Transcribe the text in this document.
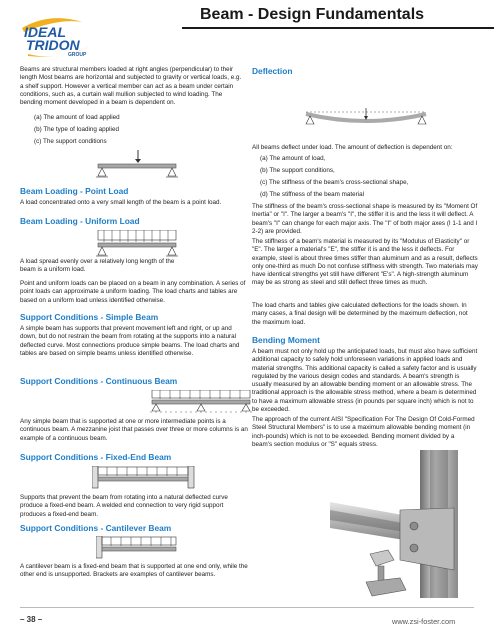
Beam - Design Fundamentals
IDEAL
TRIDON
GROUP
Beams are structural members loaded at right angles (perpendicular) to their length Most beams are horizontal and subjected to gravity or vertical loads, e.g. a shelf support. However a vertical member can act as a beam under certain conditions, such as, a curtain wall mullion subjected to wind loading. The bending moment developed in a beam is dependent on.
(a) The amount of load applied
(b) The type of loading applied
(c) The support conditions
Beam Loading - Point Load
A load concentrated onto a very small length of the beam is a point load.
Beam Loading - Uniform Load
A load spread evenly over a relatively long length of the beam is a uniform load.
Point and uniform loads can be placed on a beam in any combination. A series of point loads can approximate a uniform loading. The load charts and tables are based on a uniform load unless identified otherwise.
Support Conditions - Simple Beam
A simple beam has supports that prevent movement left and right, or up and down, but do not restrain the beam from rotating at the supports into a natural deflected curve. Most connections produce simple beams. The load charts and tables are based on simple beams unless identified otherwise.
Support Conditions - Continuous Beam
Any simple beam that is supported at one or more intermediate points is a continuous beam. A mezzanine joist that passes over three or more columns is an example of a continuous beam.
Support Conditions - Fixed-End Beam
Supports that prevent the beam from rotating into a natural deflected curve produce a fixed-end beam. A welded end connection to very rigid support produces a fixed-end beam.
Support Conditions - Cantilever Beam
A cantilever beam is a fixed-end beam that is supported at one end only, while the other end is unsupported. Brackets are examples of cantilever beams.
Deflection
All beams deflect under load. The amount of deflection is dependent on:
(a) The amount of load,
(b) The support conditions,
(c) The stiffness of the beam's cross-sectional shape,
(d) The stiffness of the beam material
The stiffness of the beam's cross-sectional shape is measured by its "Moment Of Inertia" or "I". The larger a beam's "I", the stiffer it is and the less it will deflect. A beam's "I" can change for each major axis. The "I" of both major axes (I 1-1 and I 2-2) are provided.
The stiffness of a beam's material is measured by its "Modulus of Elasticity" or "E". The larger a material's "E", the stiffer it is and the less it deflects. For example, steel is about three times stiffer than aluminum and as a result, deflects only one-third as much Do not confuse stiffness with strength. Two materials may have identical strengths yet still have different "E's". A high-strength aluminum may be as strong as steel and still deflect three times as much.
The load charts and tables give calculated deflections for the loads shown. In many cases, a final design will be determined by the maximum deflection, not the maximum load.
Bending Moment
A beam must not only hold up the anticipated loads, but must also have sufficient additional capacity to safely hold unforeseen variations in applied loads and material strengths. This additional capacity is called a safety factor and is usually regulated by the various design codes and standards. A beam's strength is usually measured by an allowable bending moment or an allowable stress. The traditional approach is the allowable stress method, where a beam is determined to have a maximum allowable stress (in pounds per square inch) which is not to be exceeded.
The approach of the current AISI "Specification For The Design Of Cold-Formed Steel Structural Members" is to use a maximum allowable bending moment (in inch-pounds) which is not to be exceeded. Bending moment divided by a beam's section modulus or "S" equals stress.
– 38 –	www.zsi-foster.com
